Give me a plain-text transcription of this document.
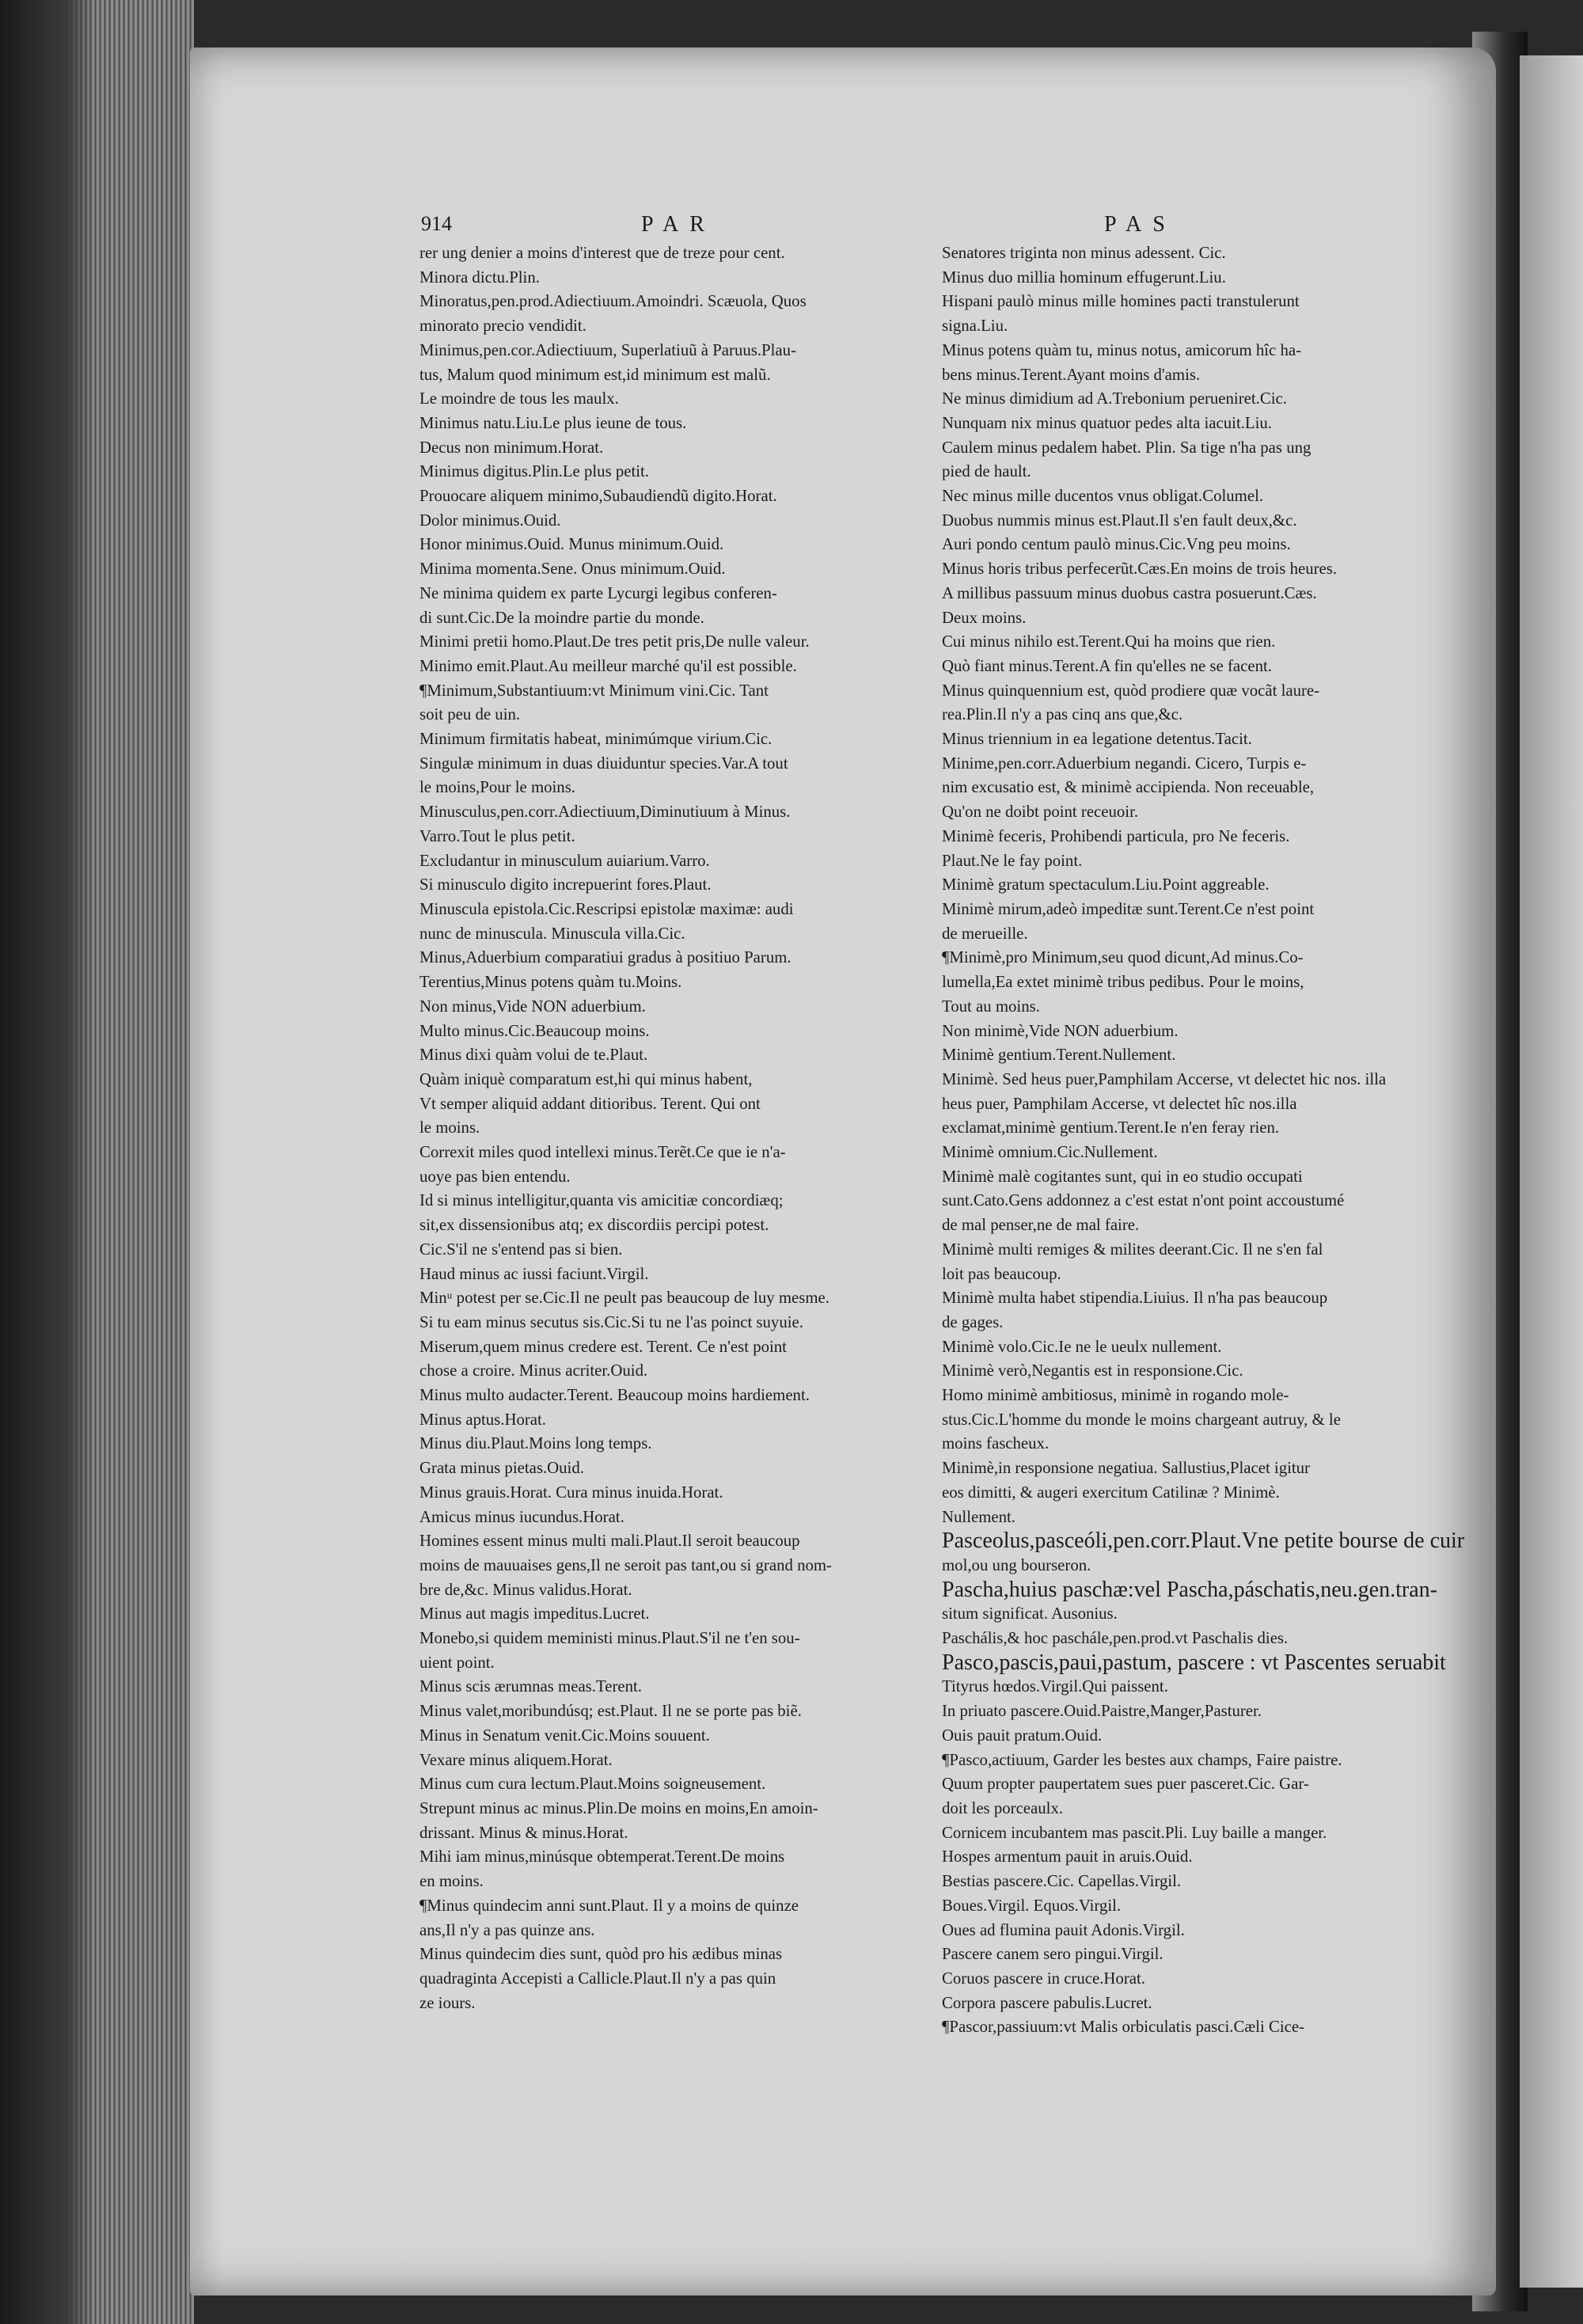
914	PAR	PAS
rer ung denier a moins d'interest que de treze pour cent.
Minora dictu.Plin.
Minoratus,pen.prod.Adiectiuum.Amoindri. Scæuola, Quos
minorato precio vendidit.
Minimus,pen.cor.Adiectiuum, Superlatiuũ à Paruus.Plau-
tus, Malum quod minimum est,id minimum est malũ.
Le moindre de tous les maulx.
Minimus natu.Liu.Le plus ieune de tous.
Decus non minimum.Horat.
Minimus digitus.Plin.Le plus petit.
Prouocare aliquem minimo,Subaudiendũ digito.Horat.
Dolor minimus.Ouid.
Honor minimus.Ouid. Munus minimum.Ouid.
Minima momenta.Sene. Onus minimum.Ouid.
Ne minima quidem ex parte Lycurgi legibus conferen-
di sunt.Cic.De la moindre partie du monde.
Minimi pretii homo.Plaut.De tres petit pris,De nulle valeur.
Minimo emit.Plaut.Au meilleur marché qu'il est possible.
¶Minimum,Substantiuum:vt Minimum vini.Cic. Tant
soit peu de uin.
Minimum firmitatis habeat, minimúmque virium.Cic.
Singulæ minimum in duas diuiduntur species.Var.A tout
le moins,Pour le moins.
Minusculus,pen.corr.Adiectiuum,Diminutiuum à Minus.
Varro.Tout le plus petit.
Excludantur in minusculum auiarium.Varro.
Si minusculo digito increpuerint fores.Plaut.
Minuscula epistola.Cic.Rescripsi epistolæ maximæ: audi
nunc de minuscula. Minuscula villa.Cic.
Minus,Aduerbium comparatiui gradus à positiuo Parum.
Terentius,Minus potens quàm tu.Moins.
Non minus,Vide NON aduerbium.
Multo minus.Cic.Beaucoup moins.
Minus dixi quàm volui de te.Plaut.
Quàm iniquè comparatum est,hi qui minus habent,
Vt semper aliquid addant ditioribus. Terent. Qui ont
le moins.
Correxit miles quod intellexi minus.Terẽt.Ce que ie n'a-
uoye pas bien entendu.
Id si minus intelligitur,quanta vis amicitiæ concordiæq;
sit,ex dissensionibus atq; ex discordiis percipi potest.
Cic.S'il ne s'entend pas si bien.
Haud minus ac iussi faciunt.Virgil.
Minᵘ potest per se.Cic.Il ne peult pas beaucoup de luy mesme.
Si tu eam minus secutus sis.Cic.Si tu ne l'as poinct suyuie.
Miserum,quem minus credere est. Terent. Ce n'est point
chose a croire. Minus acriter.Ouid.
Minus multo audacter.Terent. Beaucoup moins hardiement.
Minus aptus.Horat.
Minus diu.Plaut.Moins long temps.
Grata minus pietas.Ouid.
Minus grauis.Horat. Cura minus inuida.Horat.
Amicus minus iucundus.Horat.
Homines essent minus multi mali.Plaut.Il seroit beaucoup
moins de mauuaises gens,Il ne seroit pas tant,ou si grand nom-
bre de,&c. Minus validus.Horat.
Minus aut magis impeditus.Lucret.
Monebo,si quidem meministi minus.Plaut.S'il ne t'en sou-
uient point.
Minus scis ærumnas meas.Terent.
Minus valet,moribundúsq; est.Plaut. Il ne se porte pas biẽ.
Minus in Senatum venit.Cic.Moins souuent.
Vexare minus aliquem.Horat.
Minus cum cura lectum.Plaut.Moins soigneusement.
Strepunt minus ac minus.Plin.De moins en moins,En amoin-
drissant. Minus & minus.Horat.
Mihi iam minus,minúsque obtemperat.Terent.De moins
en moins.
¶Minus quindecim anni sunt.Plaut. Il y a moins de quinze
ans,Il n'y a pas quinze ans.
Minus quindecim dies sunt, quòd pro his ædibus minas
quadraginta Accepisti a Callicle.Plaut.Il n'y a pas quin
ze iours.
Senatores triginta non minus adessent. Cic.
Minus duo millia hominum effugerunt.Liu.
Hispani paulò minus mille homines pacti transtulerunt
signa.Liu.
Minus potens quàm tu, minus notus, amicorum hîc ha-
bens minus.Terent.Ayant moins d'amis.
Ne minus dimidium ad A.Trebonium perueniret.Cic.
Nunquam nix minus quatuor pedes alta iacuit.Liu.
Caulem minus pedalem habet. Plin. Sa tige n'ha pas ung
pied de hault.
Nec minus mille ducentos vnus obligat.Columel.
Duobus nummis minus est.Plaut.Il s'en fault deux,&c.
Auri pondo centum paulò minus.Cic.Vng peu moins.
Minus horis tribus perfecerũt.Cæs.En moins de trois heures.
A millibus passuum minus duobus castra posuerunt.Cæs.
Deux moins.
Cui minus nihilo est.Terent.Qui ha moins que rien.
Quò fiant minus.Terent.A fin qu'elles ne se facent.
Minus quinquennium est, quòd prodiere quæ vocãt laure-
rea.Plin.Il n'y a pas cinq ans que,&c.
Minus triennium in ea legatione detentus.Tacit.
Minime,pen.corr.Aduerbium negandi. Cicero, Turpis e-
nim excusatio est, & minimè accipienda. Non receuable,
Qu'on ne doibt point receuoir.
Minimè feceris, Prohibendi particula, pro Ne feceris.
Plaut.Ne le fay point.
Minimè gratum spectaculum.Liu.Point aggreable.
Minimè mirum,adeò impeditæ sunt.Terent.Ce n'est point
de merueille.
¶Minimè,pro Minimum,seu quod dicunt,Ad minus.Co-
lumella,Ea extet minimè tribus pedibus. Pour le moins,
Tout au moins.
Non minimè,Vide NON aduerbium.
Minimè gentium.Terent.Nullement.
Minimè. Sed heus puer,Pamphilam Accerse, vt delectet hic nos. illa
heus puer, Pamphilam Accerse, vt delectet hîc nos.illa
exclamat,minimè gentium.Terent.Ie n'en feray rien.
Minimè omnium.Cic.Nullement.
Minimè malè cogitantes sunt, qui in eo studio occupati
sunt.Cato.Gens addonnez a c'est estat n'ont point accoustumé
de mal penser,ne de mal faire.
Minimè multi remiges & milites deerant.Cic. Il ne s'en fal
loit pas beaucoup.
Minimè multa habet stipendia.Liuius. Il n'ha pas beaucoup
de gages.
Minimè volo.Cic.Ie ne le ueulx nullement.
Minimè verò,Negantis est in responsione.Cic.
Homo minimè ambitiosus, minimè in rogando mole-
stus.Cic.L'homme du monde le moins chargeant autruy, & le
moins fascheux.
Minimè,in responsione negatiua. Sallustius,Placet igitur
eos dimitti, & augeri exercitum Catilinæ ? Minimè.
Nullement.
Pasceolus,pasceóli,pen.corr.Plaut.Vne petite bourse de cuir
mol,ou ung bourseron.
Pascha,huius paschæ:vel Pascha,páschatis,neu.gen.tran-
situm significat. Ausonius.
Paschális,& hoc paschále,pen.prod.vt Paschalis dies.
Pasco,pascis,paui,pastum, pascere : vt Pascentes seruabit
Tityrus hœdos.Virgil.Qui paissent.
In priuato pascere.Ouid.Paistre,Manger,Pasturer.
Ouis pauit pratum.Ouid.
¶Pasco,actiuum, Garder les bestes aux champs, Faire paistre.
Quum propter paupertatem sues puer pasceret.Cic. Gar-
doit les porceaulx.
Cornicem incubantem mas pascit.Pli. Luy baille a manger.
Hospes armentum pauit in aruis.Ouid.
Bestias pascere.Cic. Capellas.Virgil.
Boues.Virgil. Equos.Virgil.
Oues ad flumina pauit Adonis.Virgil.
Pascere canem sero pingui.Virgil.
Coruos pascere in cruce.Horat.
Corpora pascere pabulis.Lucret.
¶Pascor,passiuum:vt Malis orbiculatis pasci.Cæli Cice-
